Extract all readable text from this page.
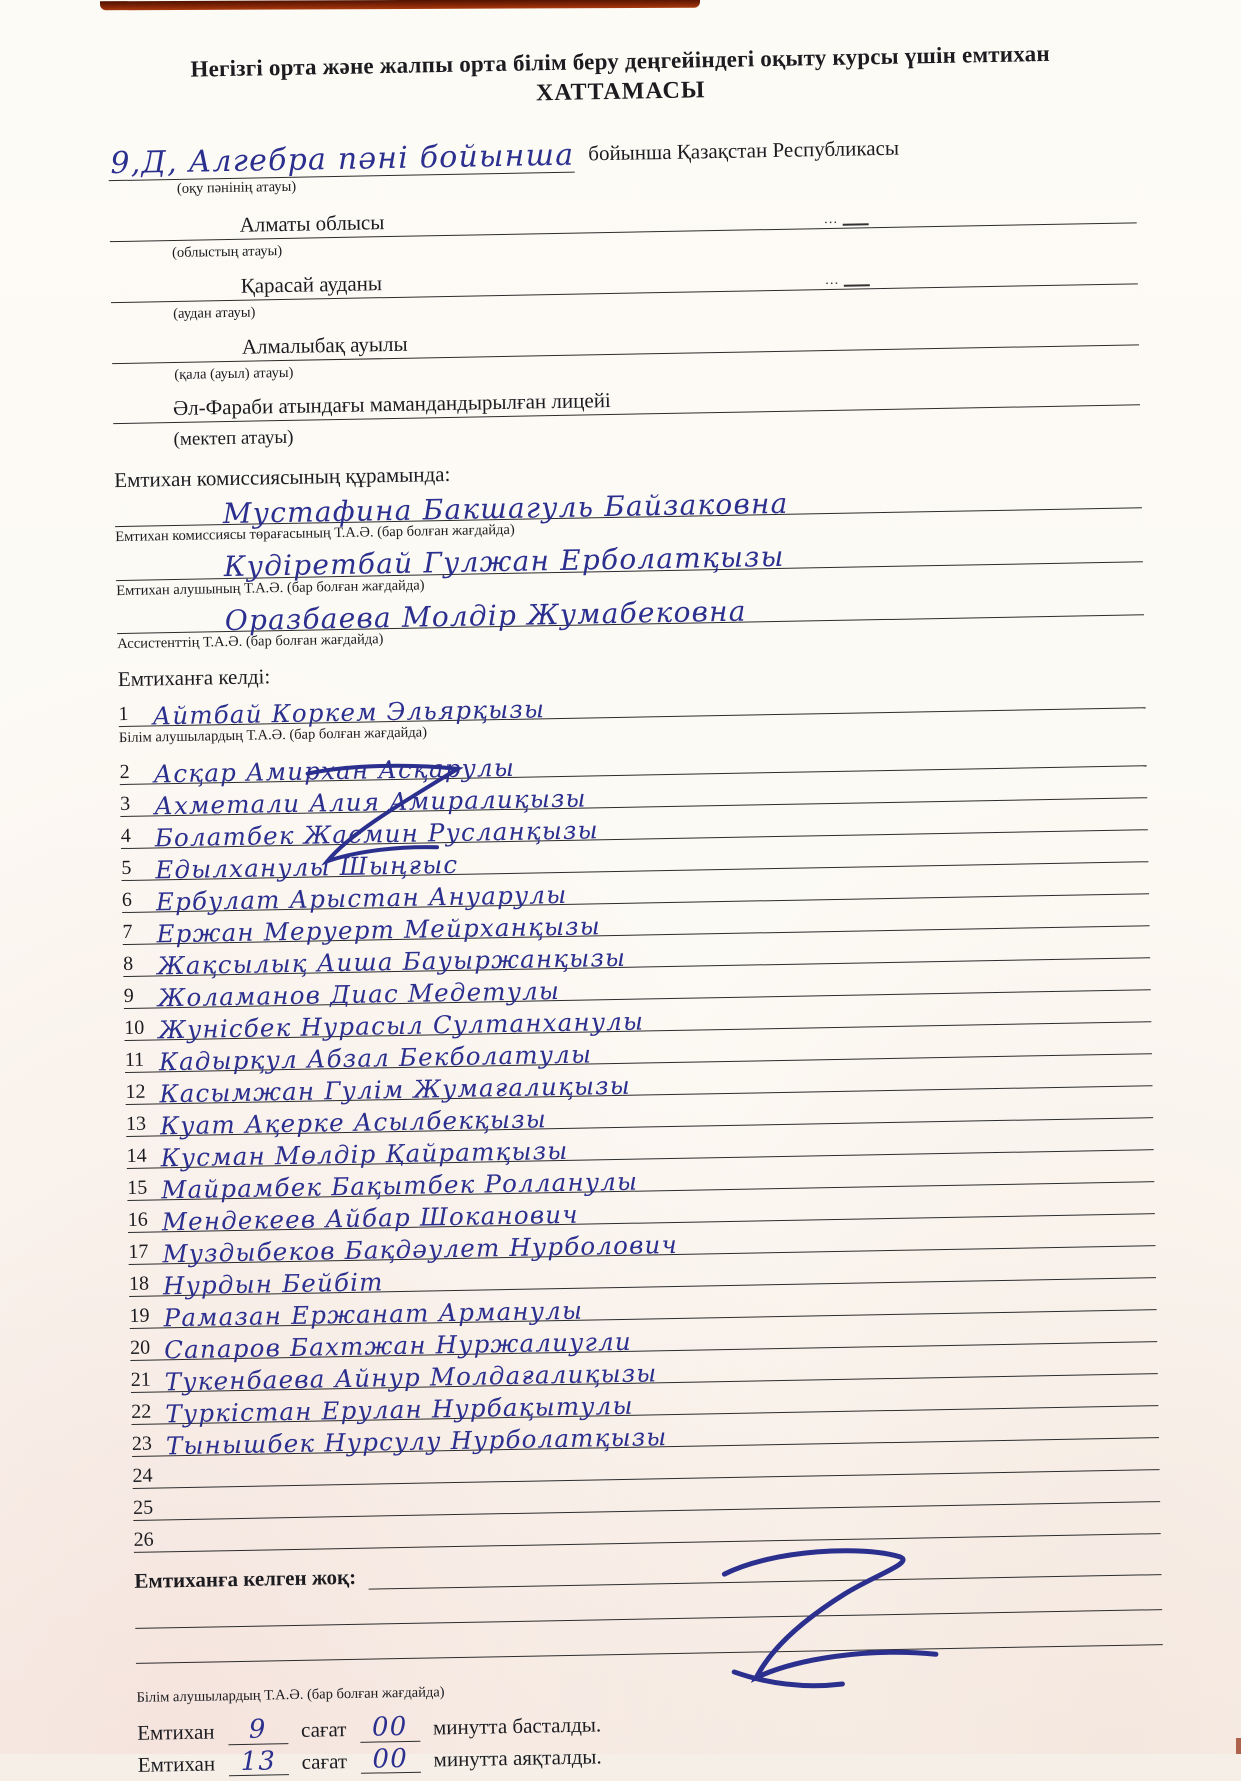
Негізгі орта және жалпы орта білім беру деңгейіндегі оқыту курсы үшін емтихан
ХАТТАМАСЫ
9,Д, Алгебра пәні бойынша бойынша Қазақстан Республикасы
(оқу пәнінің атауы)
Алматы облысы
…
(облыстың атауы)
Қарасай ауданы
…
(аудан атауы)
Алмалыбақ ауылы
(қала (ауыл) атауы)
Әл-Фараби атындағы мамандандырылған лицейі
(мектеп атауы)
Емтихан комиссиясының құрамында:
Мустафина Бакшагуль Байзаковна
Емтихан комиссиясы төрағасының Т.А.Ә. (бар болған жағдайда)
Кудіретбай Гулжан Ерболатқызы
Емтихан алушының Т.А.Ә. (бар болған жағдайда)
Оразбаева Молдір Жумабековна
Ассистенттің Т.А.Ә. (бар болған жағдайда)
Емтиханға келді:
1 Айтбай Коркем Эльярқызы
Білім алушылардың Т.А.Ә. (бар болған жағдайда)
2 Асқар Амирхан Асқарулы
3 Ахметали Алия Амиралиқызы
4 Болатбек Жасмин Русланқызы
5 Едылханулы Шыңғыс
6 Ербулат Арыстан Ануарулы
7 Ержан Меруерт Мейрханқызы
8 Жақсылық Аиша Бауыржанқызы
9 Жоламанов Диас Медетулы
10 Жунісбек Нурасыл Султанханулы
11 Кадырқул Абзал Бекболатулы
12 Касымжан Гулім Жумағалиқызы
13 Куат Ақерке Асылбекқызы
14 Кусман Мөлдір Қайратқызы
15 Майрамбек Бақытбек Ролланулы
16 Мендекеев Айбар Шоканович
17 Муздыбеков Бақдәулет Нурболович
18 Нурдын Бейбіт
19 Рамазан Ержанат Арманулы
20 Сапаров Бахтжан Нуржалиугли
21 Тукенбаева Айнур Молдағалиқызы
22 Туркістан Ерулан Нурбақытулы
23 Тынышбек Нурсулу Нурболатқызы
24
25
26
Емтиханға келген жоқ:
Білім алушылардың Т.А.Ә. (бар болған жағдайда)
Емтихан 9 сағат 00 минутта басталды.
Емтихан 13 сағат 00 минутта аяқталды.
